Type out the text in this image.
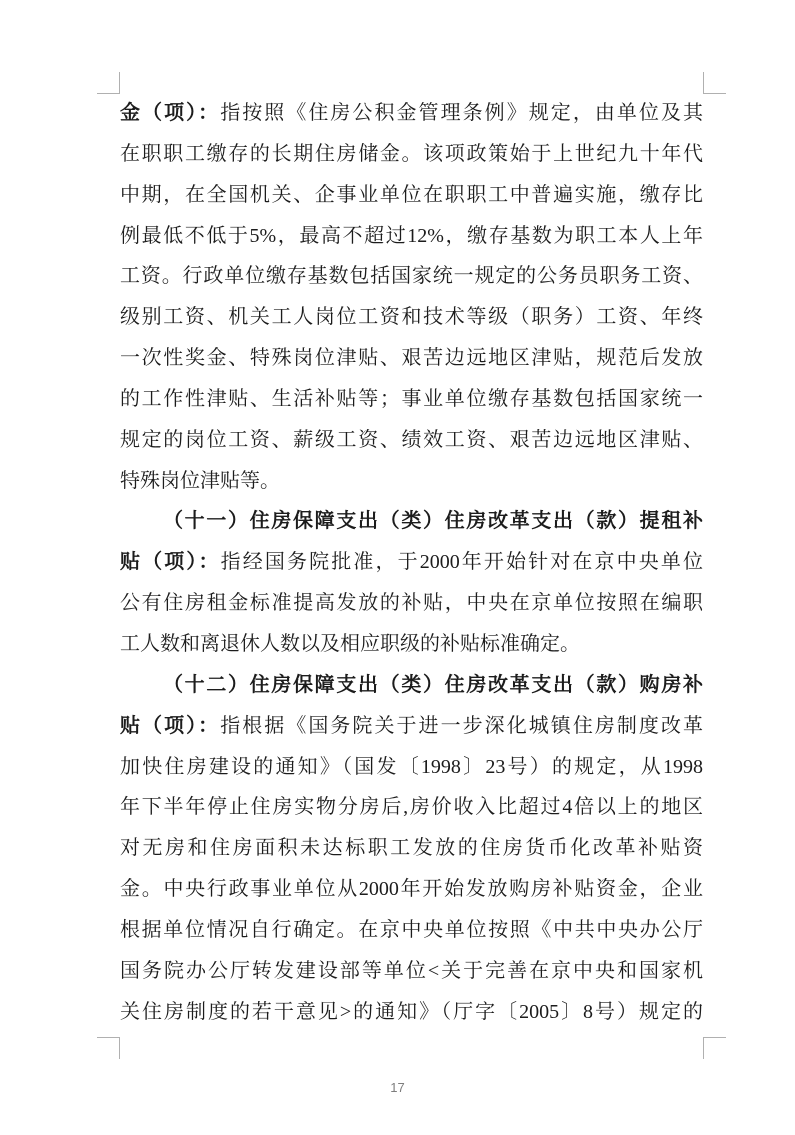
金（项）：指按照《住房公积金管理条例》规定，由单位及其
在职职工缴存的长期住房储金。该项政策始于上世纪九十年代
中期，在全国机关、企事业单位在职职工中普遍实施，缴存比
例最低不低于5%，最高不超过12%，缴存基数为职工本人上年
工资。行政单位缴存基数包括国家统一规定的公务员职务工资、
级别工资、机关工人岗位工资和技术等级（职务）工资、年终
一次性奖金、特殊岗位津贴、艰苦边远地区津贴，规范后发放
的工作性津贴、生活补贴等；事业单位缴存基数包括国家统一
规定的岗位工资、薪级工资、绩效工资、艰苦边远地区津贴、
特殊岗位津贴等。
（十一）住房保障支出（类）住房改革支出（款）提租补
贴（项）：指经国务院批准，于2000年开始针对在京中央单位
公有住房租金标准提高发放的补贴，中央在京单位按照在编职
工人数和离退休人数以及相应职级的补贴标准确定。
（十二）住房保障支出（类）住房改革支出（款）购房补
贴（项）：指根据《国务院关于进一步深化城镇住房制度改革
加快住房建设的通知》（国发〔1998〕23号）的规定，从1998
年下半年停止住房实物分房后,房价收入比超过4倍以上的地区
对无房和住房面积未达标职工发放的住房货币化改革补贴资
金。中央行政事业单位从2000年开始发放购房补贴资金，企业
根据单位情况自行确定。在京中央单位按照《中共中央办公厅
国务院办公厅转发建设部等单位<关于完善在京中央和国家机
关住房制度的若干意见>的通知》（厅字〔2005〕8号）规定的
17
